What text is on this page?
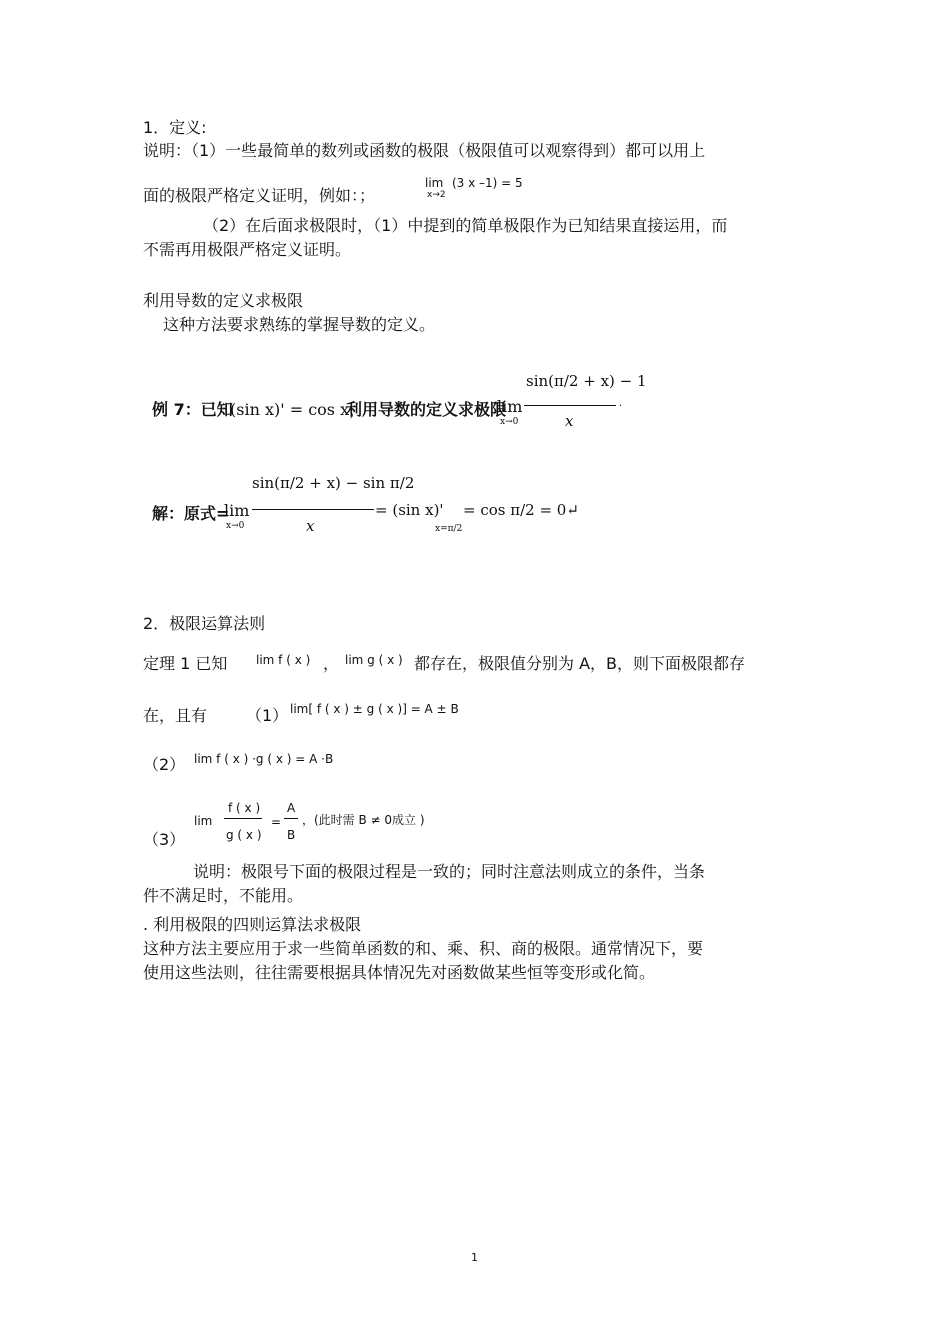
1．定义:
说明：（1）一些最简单的数列或函数的极限（极限值可以观察得到）都可以用上
面的极限严格定义证明，例如：；
lim (3 x –1) = 5
x→2
（2）在后面求极限时，（1）中提到的简单极限作为已知结果直接运用，而
不需再用极限严格定义证明。
利用导数的定义求极限
这种方法要求熟练的掌握导数的定义。
例 7：已知
(sin x)' = cos x，
利用导数的定义求极限
lim
x→0
sin(π/2 + x) − 1
x
.
解：原式=
lim
x→0
sin(π/2 + x) − sin π/2
x
= (sin x)'
x=π/2
= cos π/2 = 0↵
2．极限运算法则
定理 1 已知 lim f ( x ) ， lim g ( x ) 都存在，极限值分别为 A，B，则下面极限都存
在，且有 （1） lim[ f ( x ) ± g ( x )] = A ± B
（2） lim f ( x ) ·g ( x ) = A ·B
（3）
lim
f ( x )
g ( x )
=
A
B
，(此时需 B ≠ 0成立 )
说明：极限号下面的极限过程是一致的；同时注意法则成立的条件，当条
件不满足时，不能用。
. 利用极限的四则运算法求极限
这种方法主要应用于求一些简单函数的和、乘、积、商的极限。通常情况下，要
使用这些法则，往往需要根据具体情况先对函数做某些恒等变形或化简。
1
